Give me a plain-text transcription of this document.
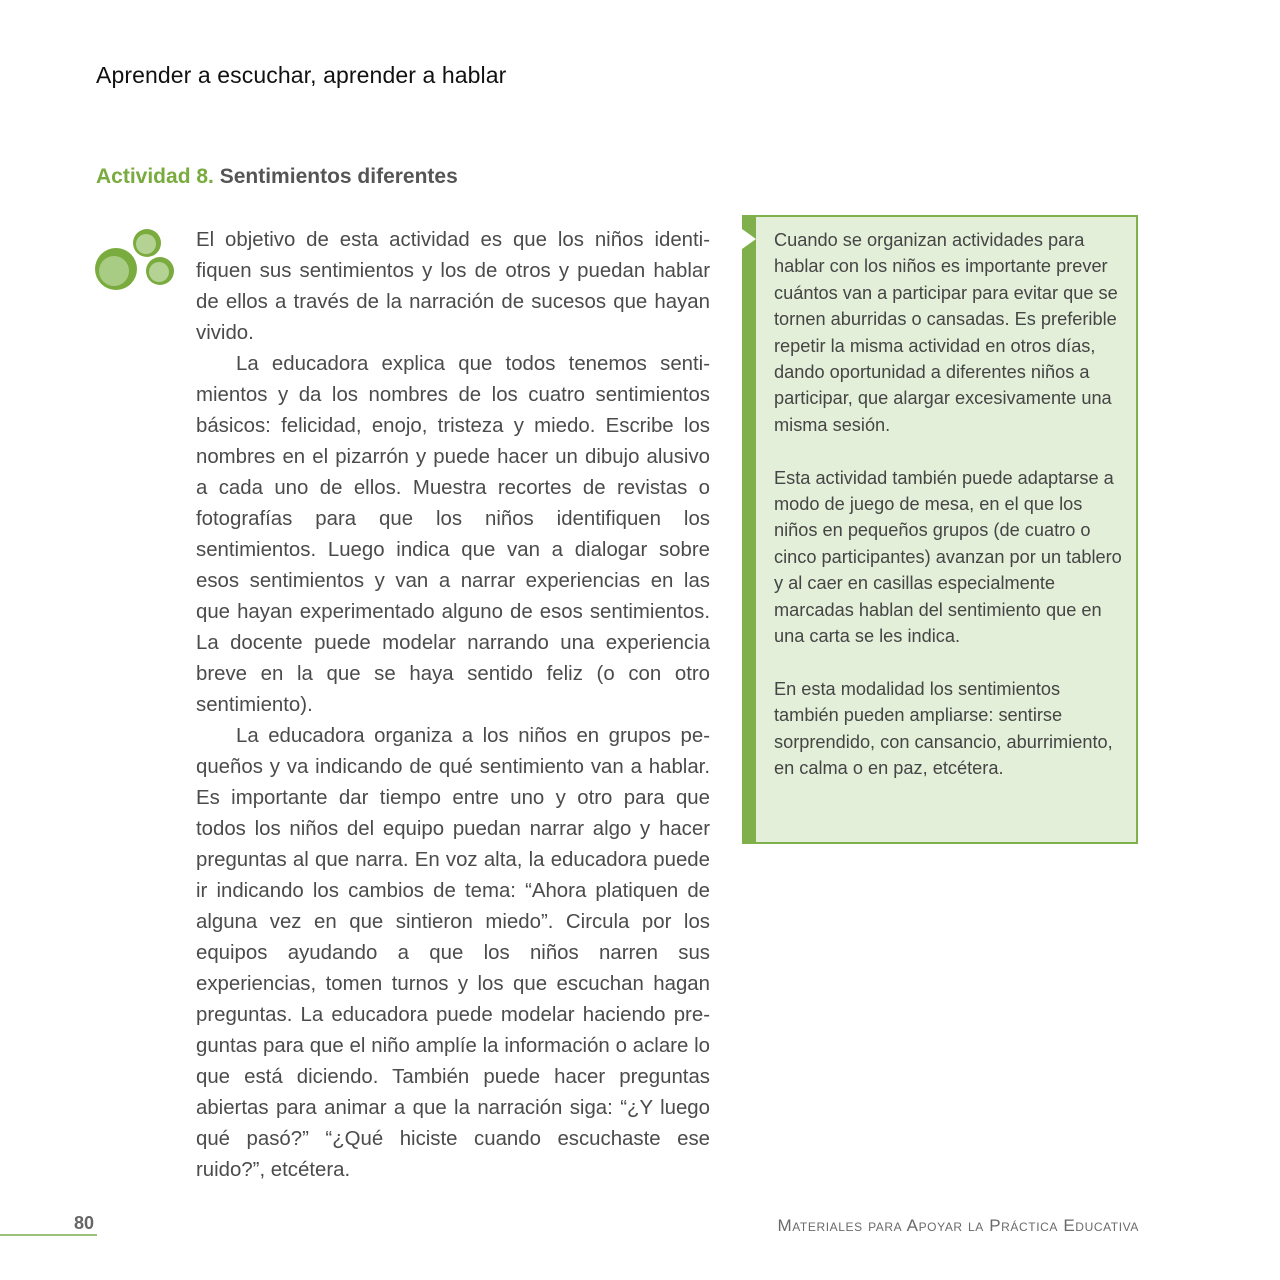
Aprender a escuchar, aprender a hablar
Actividad 8. Sentimientos diferentes

El objetivo de esta actividad es que los niños identifiquen sus sentimientos y los de otros y puedan hablar de ellos a través de la narración de sucesos que hayan vivido.

La educadora explica que todos tenemos sentimientos y da los nombres de los cuatro sentimientos básicos: felicidad, enojo, tristeza y miedo. Escribe los nombres en el pizarrón y puede hacer un dibujo alusivo a cada uno de ellos. Muestra recortes de revistas o fotografías para que los niños identifiquen los sentimientos. Luego indica que van a dialogar sobre esos sentimientos y van a narrar experiencias en las que hayan experimentado alguno de esos sentimientos. La docente puede modelar narrando una experiencia breve en la que se haya sentido feliz (o con otro sentimiento).

La educadora organiza a los niños en grupos pequeños y va indicando de qué sentimiento van a hablar. Es importante dar tiempo entre uno y otro para que todos los niños del equipo puedan narrar algo y hacer preguntas al que narra. En voz alta, la educadora puede ir indicando los cambios de tema: “Ahora platiquen de alguna vez en que sintieron miedo”. Circula por los equipos ayudando a que los niños narren sus experiencias, tomen turnos y los que escuchan hagan preguntas. La educadora puede modelar haciendo preguntas para que el niño amplíe la información o aclare lo que está diciendo. También puede hacer preguntas abiertas para animar a que la narración siga: “¿Y luego qué pasó?” “¿Qué hiciste cuando escuchaste ese ruido?”, etcétera.

Cuando se organizan actividades para hablar con los niños es importante prever cuántos van a participar para evitar que se tornen aburridas o cansadas. Es preferible repetir la misma actividad en otros días, dando oportunidad a diferentes niños a participar, que alargar excesivamente una misma sesión.

Esta actividad también puede adaptarse a modo de juego de mesa, en el que los niños en pequeños grupos (de cuatro o cinco participantes) avanzan por un tablero y al caer en casillas especialmente marcadas hablan del sentimiento que en una carta se les indica.

En esta modalidad los sentimientos también pueden ampliarse: sentirse sorprendido, con cansancio, aburrimiento, en calma o en paz, etcétera.

80	Materiales para Apoyar la Práctica Educativa
